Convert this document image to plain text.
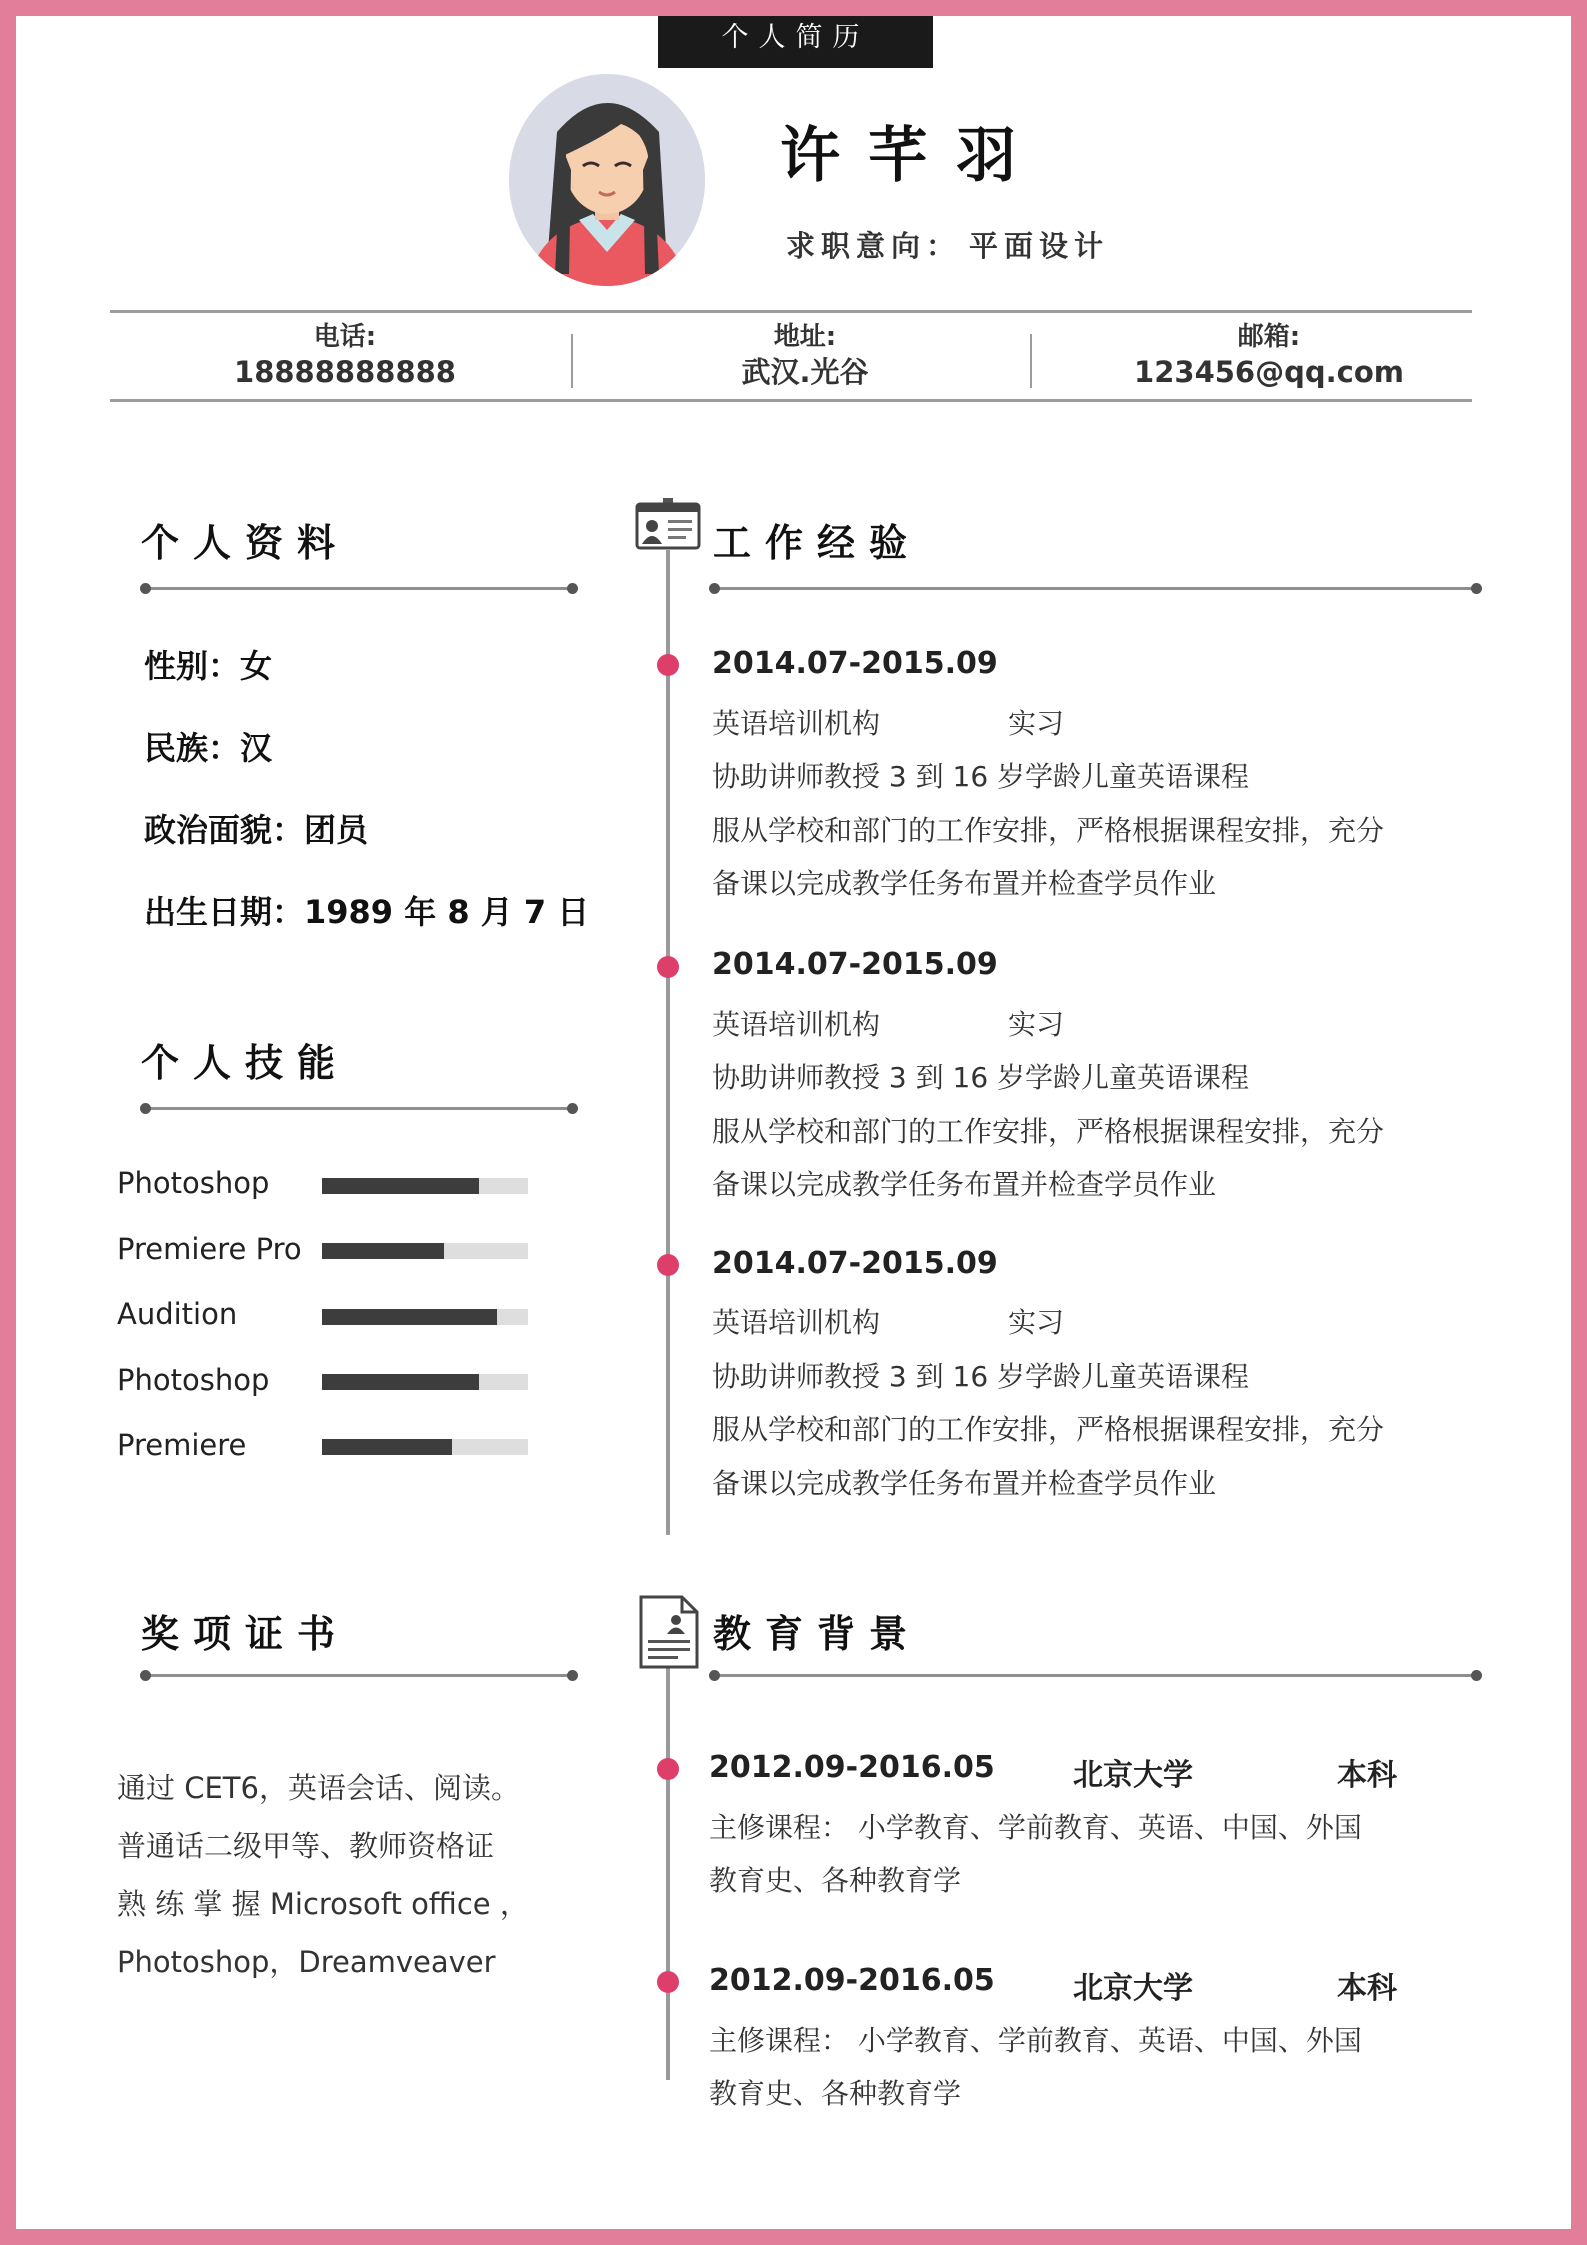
个人简历
许芊羽
求职意向： 平面设计
电话:
18888888888
地址:
武汉.光谷
邮箱:
123456@qq.com
个人资料
性别：女
民族：汉
政治面貌：团员
出生日期：1989 年 8 月 7 日
个人技能
Photoshop
Premiere Pro
Audition
Photoshop
Premiere
工作经验
2014.07-2015.09
英语培训机构	实习
协助讲师教授 3 到 16 岁学龄儿童英语课程
服从学校和部门的工作安排，严格根据课程安排，充分
备课以完成教学任务布置并检查学员作业
2014.07-2015.09
英语培训机构	实习
协助讲师教授 3 到 16 岁学龄儿童英语课程
服从学校和部门的工作安排，严格根据课程安排，充分
备课以完成教学任务布置并检查学员作业
2014.07-2015.09
英语培训机构	实习
协助讲师教授 3 到 16 岁学龄儿童英语课程
服从学校和部门的工作安排，严格根据课程安排，充分
备课以完成教学任务布置并检查学员作业
奖项证书
通过 CET6，英语会话、阅读。
普通话二级甲等、教师资格证
熟 练 掌 握 Microsoft office ，
Photoshop，Dreamveaver
教育背景
2012.09-2016.05	北京大学	本科
主修课程： 小学教育、学前教育、英语、中国、外国
教育史、各种教育学
2012.09-2016.05	北京大学	本科
主修课程： 小学教育、学前教育、英语、中国、外国
教育史、各种教育学
